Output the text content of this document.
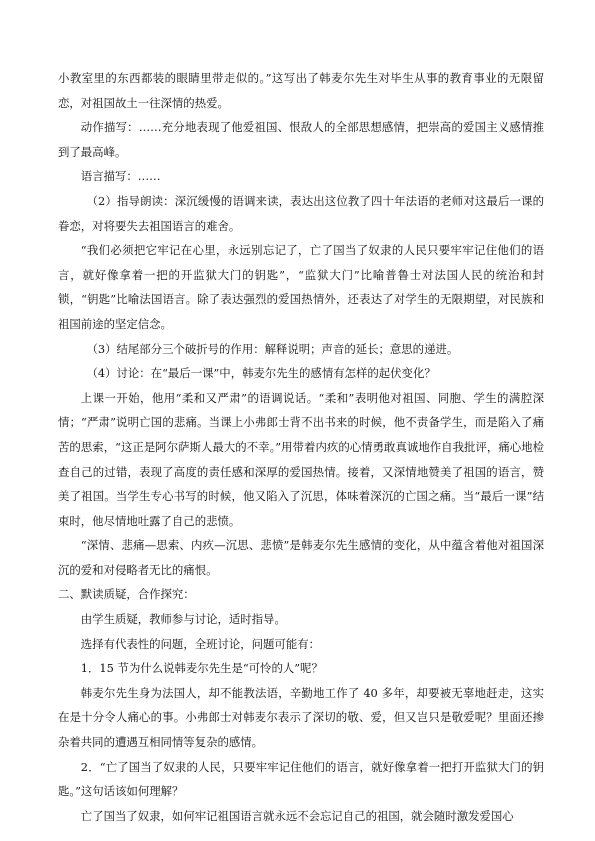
小教室里的东西都装的眼睛里带走似的。”这写出了韩麦尔先生对毕生从事的教育事业的无限留恋，对祖国故土一往深情的热爱。

动作描写：……充分地表现了他爱祖国、恨敌人的全部思想感情，把崇高的爱国主义感情推到了最高峰。

语言描写：……

（2）指导朗读：深沉缓慢的语调来读，表达出这位教了四十年法语的老师对这最后一课的眷恋，对将要失去祖国语言的难舍。

“我们必须把它牢记在心里，永远别忘记了，亡了国当了奴隶的人民只要牢牢记住他们的语言，就好像拿着一把的开监狱大门的钥匙”，“监狱大门”比喻普鲁士对法国人民的统治和封锁，“钥匙”比喻法国语言。除了表达强烈的爱国热情外，还表达了对学生的无限期望，对民族和祖国前途的坚定信念。

（3）结尾部分三个破折号的作用：解释说明；声音的延长；意思的递进。

（4）讨论：在“最后一课”中，韩麦尔先生的感情有怎样的起伏变化？

上课一开始，他用“柔和又严肃”的语调说话。“柔和”表明他对祖国、同胞、学生的满腔深情；“严肃”说明亡国的悲痛。当课上小弗郎士背不出书来的时候，他不责备学生，而是陷入了痛苦的思索，“这正是阿尔萨斯人最大的不幸。”用带着内疚的心情勇敢真诚地作自我批评，痛心地检查自己的过错，表现了高度的责任感和深厚的爱国热情。接着，又深情地赞美了祖国的语言，赞美了祖国。当学生专心书写的时候，他又陷入了沉思，体味着深沉的亡国之痛。当“最后一课”结束时，他尽情地吐露了自己的悲愤。

“深情、悲痛—思索、内疚—沉思、悲愤”是韩麦尔先生感情的变化，从中蕴含着他对祖国深沉的爱和对侵略者无比的痛恨。

二、默读质疑，合作探究：

由学生质疑，教师参与讨论，适时指导。

选择有代表性的问题，全班讨论，问题可能有：

1．15 节为什么说韩麦尔先生是“可怜的人”呢？

韩麦尔先生身为法国人，却不能教法语，辛勤地工作了 40 多年，却要被无辜地赶走，这实在是十分令人痛心的事。小弗郎士对韩麦尔表示了深切的敬、爱，但又岂只是敬爱呢？里面还掺杂着共同的遭遇互相同情等复杂的感情。

2．“亡了国当了奴隶的人民，只要牢牢记住他们的语言，就好像拿着一把打开监狱大门的钥匙。”这句话该如何理解？

亡了国当了奴隶，如何牢记祖国语言就永远不会忘记自己的祖国，就会随时激发爱国心
